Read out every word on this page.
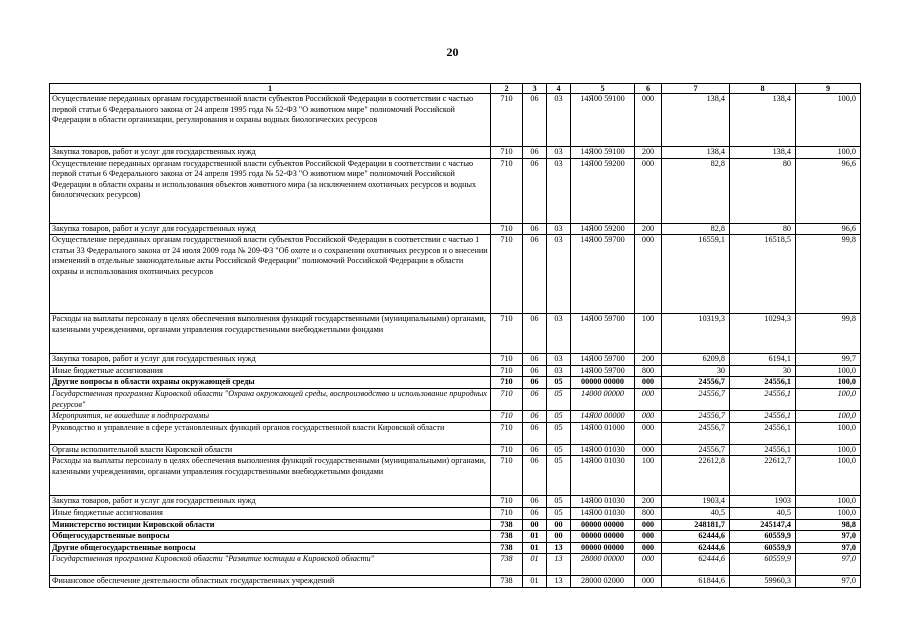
20
1	2	3	4	5	6	7	8	9
Осуществление переданных органам государственной власти субъектов Российской Федерации в соответствии с частью первой статьи 6 Федерального закона от 24 апреля 1995 года № 52-ФЗ "О животном мире" полномочий Российской Федерации в области организации, регулирования и охраны водных биологических ресурсов	710	06	03	14Я00 59100	000	138,4	138,4	100,0
Закупка товаров, работ и услуг для государственных нужд	710	06	03	14Я00 59100	200	138,4	138,4	100,0
Осуществление переданных органам государственной власти субъектов Российской Федерации в соответствии с частью первой статьи 6 Федерального закона от 24 апреля 1995 года № 52-ФЗ "О животном мире" полномочий Российской Федерации в области охраны и использования объектов животного мира (за исключением охотничьих ресурсов и водных биологических ресурсов)	710	06	03	14Я00 59200	000	82,8	80	96,6
Закупка товаров, работ и услуг для государственных нужд	710	06	03	14Я00 59200	200	82,8	80	96,6
Осуществление переданных органам государственной власти субъектов Российской Федерации в соответствии с частью 1 статьи 33 Федерального закона от 24 июля 2009 года № 209-ФЗ "Об охоте и о сохранении охотничьих ресурсов и о внесении изменений в отдельные законодательные акты Российской Федерации" полномочий Российской Федерации в области охраны и использования охотничьих ресурсов	710	06	03	14Я00 59700	000	16559,1	16518,5	99,8
Расходы на выплаты персоналу в целях обеспечения выполнения функций государственными (муниципальными) органами, казенными учреждениями, органами управления государственными внебюджетными фондами	710	06	03	14Я00 59700	100	10319,3	10294,3	99,8
Закупка товаров, работ и услуг для государственных нужд	710	06	03	14Я00 59700	200	6209,8	6194,1	99,7
Иные бюджетные ассигнования	710	06	03	14Я00 59700	800	30	30	100,0
Другие вопросы в области охраны окружающей среды	710	06	05	00000 00000	000	24556,7	24556,1	100,0
Государственная программа Кировской области "Охрана окружающей среды, воспроизводство и использование природных ресурсов"	710	06	05	14000 00000	000	24556,7	24556,1	100,0
Мероприятия, не вошедшие в подпрограммы	710	06	05	14Я00 00000	000	24556,7	24556,1	100,0
Руководство и управление в сфере установленных функций органов государственной власти Кировской области	710	06	05	14Я00 01000	000	24556,7	24556,1	100,0
Органы исполнительной власти Кировской области	710	06	05	14Я00 01030	000	24556,7	24556,1	100,0
Расходы на выплаты персоналу в целях обеспечения выполнения функций государственными (муниципальными) органами, казенными учреждениями, органами управления государственными внебюджетными фондами	710	06	05	14Я00 01030	100	22612,8	22612,7	100,0
Закупка товаров, работ и услуг для государственных нужд	710	06	05	14Я00 01030	200	1903,4	1903	100,0
Иные бюджетные ассигнования	710	06	05	14Я00 01030	800	40,5	40,5	100,0
Министерство юстиции Кировской области	738	00	00	00000 00000	000	248181,7	245147,4	98,8
Общегосударственные вопросы	738	01	00	00000 00000	000	62444,6	60559,9	97,0
Другие общегосударственные вопросы	738	01	13	00000 00000	000	62444,6	60559,9	97,0
Государственная программа Кировской области "Развитие юстиции в Кировской области"	738	01	13	28000 00000	000	62444,6	60559,9	97,0
Финансовое обеспечение деятельности областных государственных учреждений	738	01	13	28000 02000	000	61844,6	59960,3	97,0
